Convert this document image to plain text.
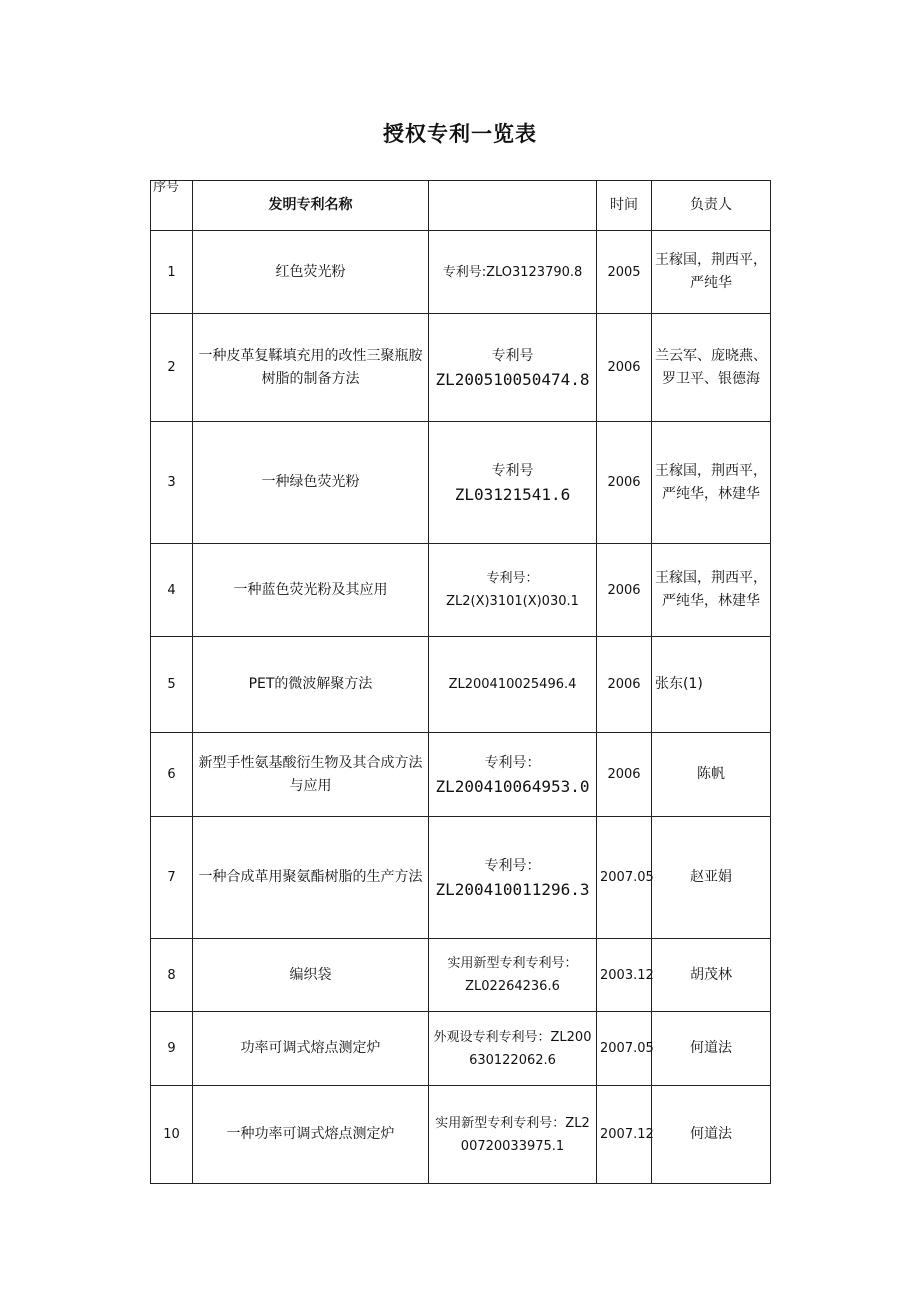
授权专利一览表
序号	发明专利名称		时间	负责人
1	红色荧光粉	专利号:ZLO3123790.8	2005	王稼国，荆西平，严纯华
2	一种皮革复鞣填充用的改性三聚瓶胺树脂的制备方法	专利号
ZL200510050474.8	2006	兰云军、庞晓燕、罗卫平、银德海
3	一种绿色荧光粉	专利号
ZL03121541.6	2006	王稼国，荆西平，严纯华，林建华
4	一种蓝色荧光粉及其应用	专利号：
ZL2(X)3101(X)030.1	2006	王稼国，荆西平，严纯华，林建华
5	PET的微波解聚方法	ZL200410025496.4	2006	张东(1)
6	新型手性氨基酸衍生物及其合成方法与应用	专利号：
ZL200410064953.0	2006	陈帆
7	一种合成革用聚氨酯树脂的生产方法	专利号：
ZL200410011296.3	2007.05	赵亚娟
8	编织袋	实用新型专利专利号：
ZL02264236.6	2003.12	胡茂林
9	功率可调式熔点测定炉	外观设专利专利号：ZL200630122062.6	2007.05	何道法
10	一种功率可调式熔点测定炉	实用新型专利专利号：ZL200720033975.1	2007.12	何道法
